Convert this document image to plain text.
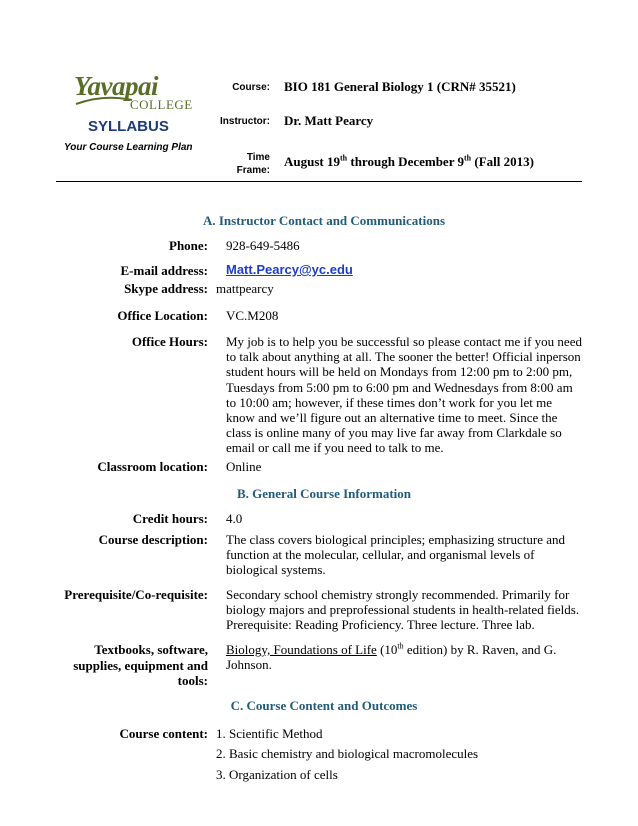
Yavapai
COLLEGE
SYLLABUS
Your Course Learning Plan
Course: BIO 181 General Biology 1 (CRN# 35521)
Instructor: Dr. Matt Pearcy
Time
Frame:
August 19th through December 9th (Fall 2013)
A. Instructor Contact and Communications
Phone: 928-649-5486
E-mail address: Matt.Pearcy@yc.edu
Skype address: mattpearcy
Office Location: VC.M208
Office Hours: My job is to help you be successful so please contact me if you need to talk about anything at all. The sooner the better! Official inperson student hours will be held on Mondays from 12:00 pm to 2:00 pm, Tuesdays from 5:00 pm to 6:00 pm and Wednesdays from 8:00 am to 10:00 am; however, if these times don’t work for you let me know and we’ll figure out an alternative time to meet. Since the class is online many of you may live far away from Clarkdale so email or call me if you need to talk to me.
Classroom location: Online
B. General Course Information
Credit hours: 4.0
Course description: The class covers biological principles; emphasizing structure and function at the molecular, cellular, and organismal levels of biological systems.
Prerequisite/Co-requisite: Secondary school chemistry strongly recommended. Primarily for biology majors and preprofessional students in health-related fields. Prerequisite: Reading Proficiency. Three lecture. Three lab.
Textbooks, software,
supplies, equipment and
tools:
Biology, Foundations of Life (10th edition) by R. Raven, and G. Johnson.
C. Course Content and Outcomes
Course content: 1. Scientific Method
2. Basic chemistry and biological macromolecules
3. Organization of cells
